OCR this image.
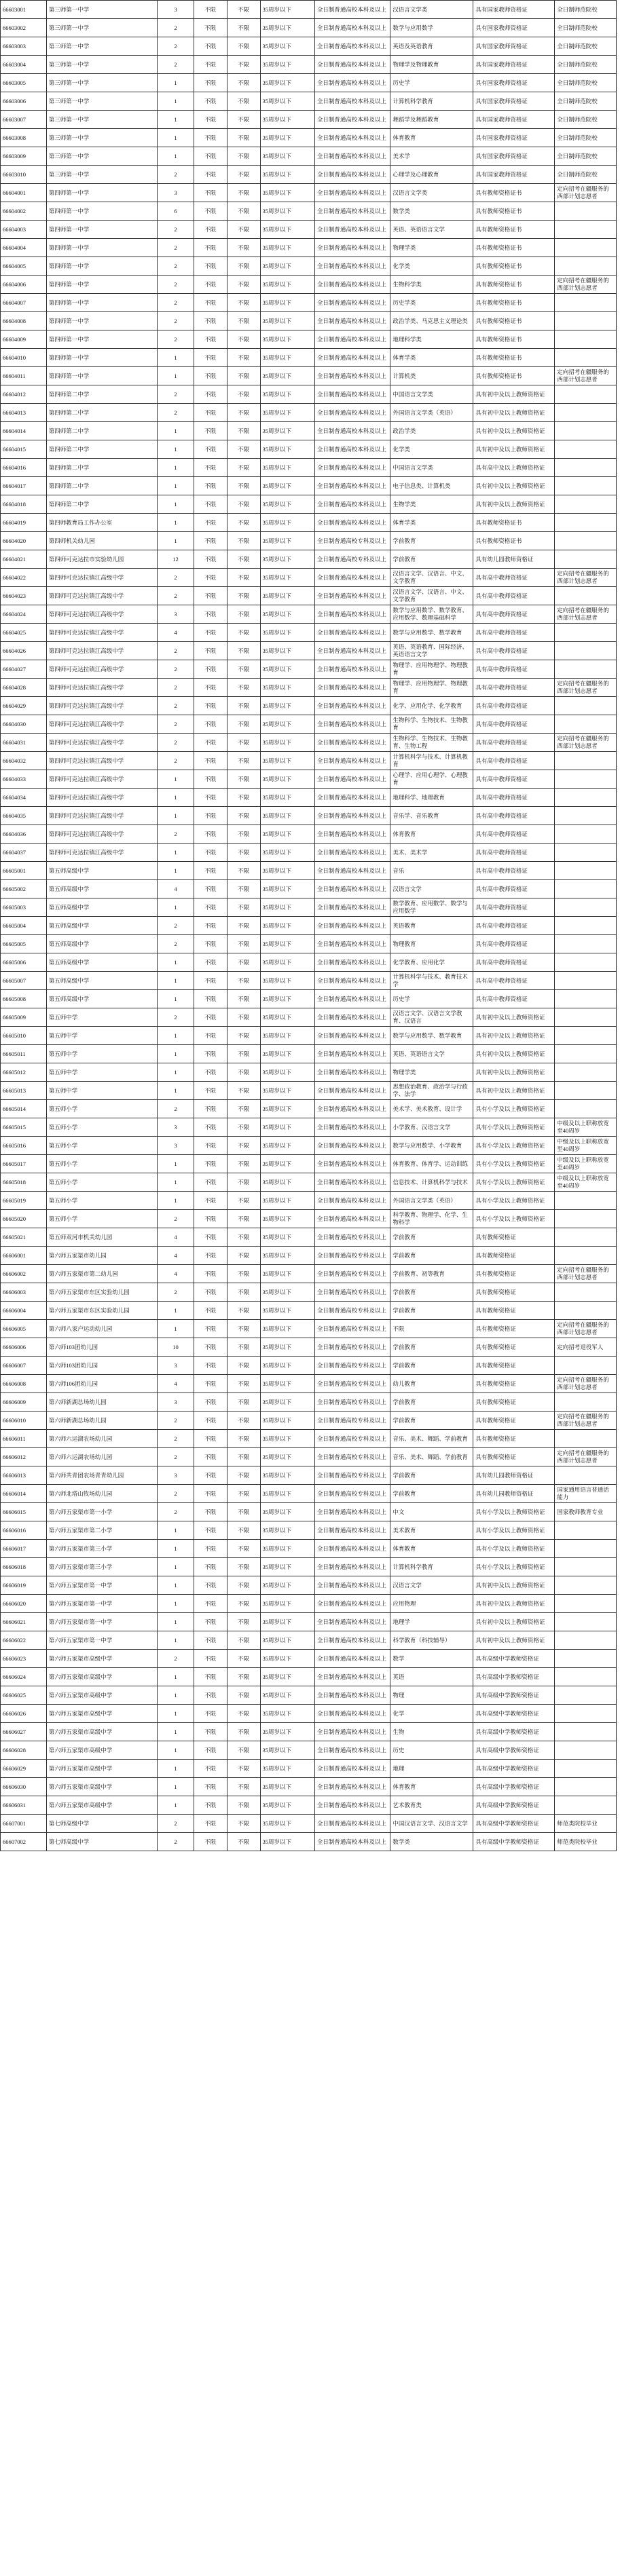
66603001	第三师第一中学	3	不限	不限	35周岁以下	全日制普通高校本科及以上	汉语言文学类	具有国家教师资格证	全日制师范院校
66603002	第三师第一中学	2	不限	不限	35周岁以下	全日制普通高校本科及以上	数学与应用数学	具有国家教师资格证	全日制师范院校
66603003	第三师第一中学	2	不限	不限	35周岁以下	全日制普通高校本科及以上	英语及英语教育	具有国家教师资格证	全日制师范院校
66603004	第三师第一中学	2	不限	不限	35周岁以下	全日制普通高校本科及以上	物理学及物理教育	具有国家教师资格证	全日制师范院校
66603005	第三师第一中学	1	不限	不限	35周岁以下	全日制普通高校本科及以上	历史学	具有国家教师资格证	全日制师范院校
66603006	第三师第一中学	1	不限	不限	35周岁以下	全日制普通高校本科及以上	计算机科学教育	具有国家教师资格证	全日制师范院校
66603007	第三师第一中学	1	不限	不限	35周岁以下	全日制普通高校本科及以上	舞蹈学及舞蹈教育	具有国家教师资格证	全日制师范院校
66603008	第三师第一中学	1	不限	不限	35周岁以下	全日制普通高校本科及以上	体育教育	具有国家教师资格证	全日制师范院校
66603009	第三师第一中学	1	不限	不限	35周岁以下	全日制普通高校本科及以上	美术学	具有国家教师资格证	全日制师范院校
66603010	第三师第一中学	2	不限	不限	35周岁以下	全日制普通高校本科及以上	心理学及心理教育	具有国家教师资格证	全日制师范院校
66604001	第四师第一中学	3	不限	不限	35周岁以下	全日制普通高校本科及以上	汉语言文学类	具有教师资格证书	定向招考在疆服务的西部计划志愿者
66604002	第四师第一中学	6	不限	不限	35周岁以下	全日制普通高校本科及以上	数学类	具有教师资格证书	
66604003	第四师第一中学	2	不限	不限	35周岁以下	全日制普通高校本科及以上	英语、英语语言文学	具有教师资格证书	
66604004	第四师第一中学	2	不限	不限	35周岁以下	全日制普通高校本科及以上	物理学类	具有教师资格证书	
66604005	第四师第一中学	2	不限	不限	35周岁以下	全日制普通高校本科及以上	化学类	具有教师资格证书	
66604006	第四师第一中学	2	不限	不限	35周岁以下	全日制普通高校本科及以上	生物科学类	具有教师资格证书	定向招考在疆服务的西部计划志愿者
66604007	第四师第一中学	2	不限	不限	35周岁以下	全日制普通高校本科及以上	历史学类	具有教师资格证书	
66604008	第四师第一中学	2	不限	不限	35周岁以下	全日制普通高校本科及以上	政治学类、马克思主义理论类	具有教师资格证书	
66604009	第四师第一中学	2	不限	不限	35周岁以下	全日制普通高校本科及以上	地理科学类	具有教师资格证书	
66604010	第四师第一中学	1	不限	不限	35周岁以下	全日制普通高校本科及以上	体育学类	具有教师资格证书	
66604011	第四师第一中学	1	不限	不限	35周岁以下	全日制普通高校本科及以上	计算机类	具有教师资格证书	定向招考在疆服务的西部计划志愿者
66604012	第四师第二中学	2	不限	不限	35周岁以下	全日制普通高校本科及以上	中国语言文学类	具有初中及以上教师资格证	
66604013	第四师第二中学	2	不限	不限	35周岁以下	全日制普通高校本科及以上	外国语言文学类（英语）	具有初中及以上教师资格证	
66604014	第四师第二中学	1	不限	不限	35周岁以下	全日制普通高校本科及以上	政治学类	具有初中及以上教师资格证	
66604015	第四师第二中学	1	不限	不限	35周岁以下	全日制普通高校本科及以上	化学类	具有初中及以上教师资格证	
66604016	第四师第二中学	1	不限	不限	35周岁以下	全日制普通高校本科及以上	中国语言文学类	具有高中及以上教师资格证	
66604017	第四师第二中学	1	不限	不限	35周岁以下	全日制普通高校本科及以上	电子信息类、计算机类	具有初中及以上教师资格证	
66604018	第四师第二中学	1	不限	不限	35周岁以下	全日制普通高校本科及以上	生物学类	具有初中及以上教师资格证	
66604019	第四师教育局工作办公室	1	不限	不限	35周岁以下	全日制普通高校本科及以上	体育学类	具有教师资格证书	
66604020	第四师机关幼儿园	1	不限	不限	35周岁以下	全日制普通高校专科及以上	学前教育	具有教师资格证书	
66604021	第四师可克达拉市实验幼儿园	12	不限	不限	35周岁以下	全日制普通高校专科及以上	学前教育	具有幼儿园教师资格证	
66604022	第四师可克达拉镇江高级中学	2	不限	不限	35周岁以下	全日制普通高校本科及以上	汉语言文学、汉语言、中文、文学教育	具有高中教师资格证	定向招考在疆服务的西部计划志愿者
66604023	第四师可克达拉镇江高级中学	2	不限	不限	35周岁以下	全日制普通高校本科及以上	汉语言文学、汉语言、中文、文学教育	具有高中教师资格证	
66604024	第四师可克达拉镇江高级中学	3	不限	不限	35周岁以下	全日制普通高校本科及以上	数学与应用数学、数学教育、应用数学、数理基础科学	具有高中教师资格证	定向招考在疆服务的西部计划志愿者
66604025	第四师可克达拉镇江高级中学	4	不限	不限	35周岁以下	全日制普通高校本科及以上	数学与应用数学、数学教育	具有高中教师资格证	
66604026	第四师可克达拉镇江高级中学	2	不限	不限	35周岁以下	全日制普通高校本科及以上	英语、英语教育、国际经济、英语语言文学	具有高中教师资格证	
66604027	第四师可克达拉镇江高级中学	2	不限	不限	35周岁以下	全日制普通高校本科及以上	物理学、应用物理学、物理教育	具有高中教师资格证	
66604028	第四师可克达拉镇江高级中学	2	不限	不限	35周岁以下	全日制普通高校本科及以上	物理学、应用物理学、物理教育	具有高中教师资格证	定向招考在疆服务的西部计划志愿者
66604029	第四师可克达拉镇江高级中学	2	不限	不限	35周岁以下	全日制普通高校本科及以上	化学、应用化学、化学教育	具有高中教师资格证	
66604030	第四师可克达拉镇江高级中学	2	不限	不限	35周岁以下	全日制普通高校本科及以上	生物科学、生物技术、生物教育	具有高中教师资格证	
66604031	第四师可克达拉镇江高级中学	2	不限	不限	35周岁以下	全日制普通高校本科及以上	生物科学、生物技术、生物教育、生物工程	具有高中教师资格证	定向招考在疆服务的西部计划志愿者
66604032	第四师可克达拉镇江高级中学	2	不限	不限	35周岁以下	全日制普通高校本科及以上	计算机科学与技术、计算机教育	具有高中教师资格证	
66604033	第四师可克达拉镇江高级中学	1	不限	不限	35周岁以下	全日制普通高校本科及以上	心理学、应用心理学、心理教育	具有高中教师资格证	
66604034	第四师可克达拉镇江高级中学	1	不限	不限	35周岁以下	全日制普通高校本科及以上	地理科学、地理教育	具有高中教师资格证	
66604035	第四师可克达拉镇江高级中学	1	不限	不限	35周岁以下	全日制普通高校本科及以上	音乐学、音乐教育	具有高中教师资格证	
66604036	第四师可克达拉镇江高级中学	2	不限	不限	35周岁以下	全日制普通高校本科及以上	体育教育	具有高中教师资格证	
66604037	第四师可克达拉镇江高级中学	1	不限	不限	35周岁以下	全日制普通高校本科及以上	美术、美术学	具有高中教师资格证	
66605001	第五师高级中学	1	不限	不限	35周岁以下	全日制普通高校本科及以上	音乐	具有高中教师资格证	
66605002	第五师高级中学	4	不限	不限	35周岁以下	全日制普通高校本科及以上	汉语言文学	具有高中教师资格证	
66605003	第五师高级中学	1	不限	不限	35周岁以下	全日制普通高校本科及以上	数学教育、应用数学、数学与应用数学	具有高中教师资格证	
66605004	第五师高级中学	2	不限	不限	35周岁以下	全日制普通高校本科及以上	英语教育	具有高中教师资格证	
66605005	第五师高级中学	2	不限	不限	35周岁以下	全日制普通高校本科及以上	物理教育	具有高中教师资格证	
66605006	第五师高级中学	1	不限	不限	35周岁以下	全日制普通高校本科及以上	化学教育、应用化学	具有高中教师资格证	
66605007	第五师高级中学	1	不限	不限	35周岁以下	全日制普通高校本科及以上	计算机科学与技术、教育技术学	具有高中教师资格证	
66605008	第五师高级中学	1	不限	不限	35周岁以下	全日制普通高校本科及以上	历史学	具有高中教师资格证	
66605009	第五师中学	2	不限	不限	35周岁以下	全日制普通高校本科及以上	汉语言文学、汉语言文学教育、汉语言	具有初中及以上教师资格证	
66605010	第五师中学	1	不限	不限	35周岁以下	全日制普通高校本科及以上	数学与应用数学、数学教育	具有初中及以上教师资格证	
66605011	第五师中学	1	不限	不限	35周岁以下	全日制普通高校本科及以上	英语、英语语言文学	具有初中及以上教师资格证	
66605012	第五师中学	1	不限	不限	35周岁以下	全日制普通高校本科及以上	物理学类	具有初中及以上教师资格证	
66605013	第五师中学	1	不限	不限	35周岁以下	全日制普通高校本科及以上	思想政治教育、政治学与行政学、法学	具有初中及以上教师资格证	
66605014	第五师小学	2	不限	不限	35周岁以下	全日制普通高校本科及以上	美术学、美术教育、设计学	具有小学及以上教师资格证	
66605015	第五师小学	3	不限	不限	35周岁以下	全日制普通高校本科及以上	小学教育、汉语言文学	具有小学及以上教师资格证	中级及以上职称放宽至40周岁
66605016	第五师小学	3	不限	不限	35周岁以下	全日制普通高校本科及以上	数学与应用数学、小学教育	具有小学及以上教师资格证	中级及以上职称放宽至40周岁
66605017	第五师小学	1	不限	不限	35周岁以下	全日制普通高校本科及以上	体育教育、体育学、运动训练	具有小学及以上教师资格证	中级及以上职称放宽至40周岁
66605018	第五师小学	1	不限	不限	35周岁以下	全日制普通高校本科及以上	信息技术、计算机科学与技术	具有小学及以上教师资格证	中级及以上职称放宽至40周岁
66605019	第五师小学	1	不限	不限	35周岁以下	全日制普通高校本科及以上	外国语言文学类（英语）	具有小学及以上教师资格证	
66605020	第五师小学	2	不限	不限	35周岁以下	全日制普通高校本科及以上	科学教育、物理学、化学、生物科学	具有小学及以上教师资格证	
66605021	第五师双河市机关幼儿园	4	不限	不限	35周岁以下	全日制普通高校专科及以上	学前教育	具有教师资格证	
66606001	第六师五家渠市幼儿园	4	不限	不限	35周岁以下	全日制普通高校专科及以上	学前教育	具有教师资格证	
66606002	第六师五家渠市第二幼儿园	4	不限	不限	35周岁以下	全日制普通高校专科及以上	学前教育、初等教育	具有教师资格证	定向招考在疆服务的西部计划志愿者
66606003	第六师五家渠市东区实验幼儿园	2	不限	不限	35周岁以下	全日制普通高校专科及以上	学前教育	具有教师资格证	
66606004	第六师五家渠市东区实验幼儿园	1	不限	不限	35周岁以下	全日制普通高校专科及以上	学前教育	具有教师资格证	
66606005	第六师八家户运动幼儿园	1	不限	不限	35周岁以下	全日制普通高校专科及以上	不限	具有教师资格证	定向招考在疆服务的西部计划志愿者
66606006	第六师103团幼儿园	10	不限	不限	35周岁以下	全日制普通高校专科及以上	学前教育	具有教师资格证	定向招考退役军人
66606007	第六师103团幼儿园	3	不限	不限	35周岁以下	全日制普通高校专科及以上	学前教育	具有教师资格证	
66606008	第六师106团幼儿园	4	不限	不限	35周岁以下	全日制普通高校专科及以上	幼儿教育	具有教师资格证	定向招考在疆服务的西部计划志愿者
66606009	第六师新湖总场幼儿园	3	不限	不限	35周岁以下	全日制普通高校专科及以上	学前教育	具有教师资格证	
66606010	第六师新湖总场幼儿园	2	不限	不限	35周岁以下	全日制普通高校专科及以上	学前教育	具有教师资格证	定向招考在疆服务的西部计划志愿者
66606011	第六师六运湖农场幼儿园	2	不限	不限	35周岁以下	全日制普通高校专科及以上	音乐、美术、舞蹈、学前教育	具有教师资格证	
66606012	第六师六运湖农场幼儿园	2	不限	不限	35周岁以下	全日制普通高校专科及以上	音乐、美术、舞蹈、学前教育	具有教师资格证	定向招考在疆服务的西部计划志愿者
66606013	第六师共青团农场青青幼儿园	3	不限	不限	35周岁以下	全日制普通高校专科及以上	学前教育	具有幼儿园教师资格证	
66606014	第六师北塔山牧场幼儿园	2	不限	不限	35周岁以下	全日制普通高校专科及以上	学前教育	具有幼儿园教师资格证	国家通用语言普通话能力
66606015	第六师五家渠市第一小学	2	不限	不限	35周岁以下	全日制普通高校本科及以上	中文	具有小学及以上教师资格证	国家教师教育专业
66606016	第六师五家渠市第二小学	1	不限	不限	35周岁以下	全日制普通高校本科及以上	美术教育	具有小学及以上教师资格证	
66606017	第六师五家渠市第三小学	1	不限	不限	35周岁以下	全日制普通高校本科及以上	体育教育	具有小学及以上教师资格证	
66606018	第六师五家渠市第三小学	1	不限	不限	35周岁以下	全日制普通高校本科及以上	计算机科学教育	具有小学及以上教师资格证	
66606019	第六师五家渠市第一中学	1	不限	不限	35周岁以下	全日制普通高校本科及以上	汉语言文学	具有初中及以上教师资格证	
66606020	第六师五家渠市第一中学	1	不限	不限	35周岁以下	全日制普通高校本科及以上	应用物理	具有初中及以上教师资格证	
66606021	第六师五家渠市第一中学	1	不限	不限	35周岁以下	全日制普通高校本科及以上	地理学	具有初中及以上教师资格证	
66606022	第六师五家渠市第一中学	1	不限	不限	35周岁以下	全日制普通高校本科及以上	科学教育（科技辅导）	具有初中及以上教师资格证	
66606023	第六师五家渠市高级中学	2	不限	不限	35周岁以下	全日制普通高校本科及以上	数学	具有高级中学教师资格证	
66606024	第六师五家渠市高级中学	1	不限	不限	35周岁以下	全日制普通高校本科及以上	英语	具有高级中学教师资格证	
66606025	第六师五家渠市高级中学	1	不限	不限	35周岁以下	全日制普通高校本科及以上	物理	具有高级中学教师资格证	
66606026	第六师五家渠市高级中学	1	不限	不限	35周岁以下	全日制普通高校本科及以上	化学	具有高级中学教师资格证	
66606027	第六师五家渠市高级中学	1	不限	不限	35周岁以下	全日制普通高校本科及以上	生物	具有高级中学教师资格证	
66606028	第六师五家渠市高级中学	1	不限	不限	35周岁以下	全日制普通高校本科及以上	历史	具有高级中学教师资格证	
66606029	第六师五家渠市高级中学	1	不限	不限	35周岁以下	全日制普通高校本科及以上	地理	具有高级中学教师资格证	
66606030	第六师五家渠市高级中学	1	不限	不限	35周岁以下	全日制普通高校本科及以上	体育教育	具有高级中学教师资格证	
66606031	第六师五家渠市高级中学	1	不限	不限	35周岁以下	全日制普通高校本科及以上	艺术教育类	具有高级中学教师资格证	
66607001	第七师高级中学	2	不限	不限	35周岁以下	全日制普通高校本科及以上	中国汉语言文学、汉语言文学	具有高级中学教师资格证	师范类院校毕业
66607002	第七师高级中学	2	不限	不限	35周岁以下	全日制普通高校本科及以上	数学类	具有高级中学教师资格证	师范类院校毕业
